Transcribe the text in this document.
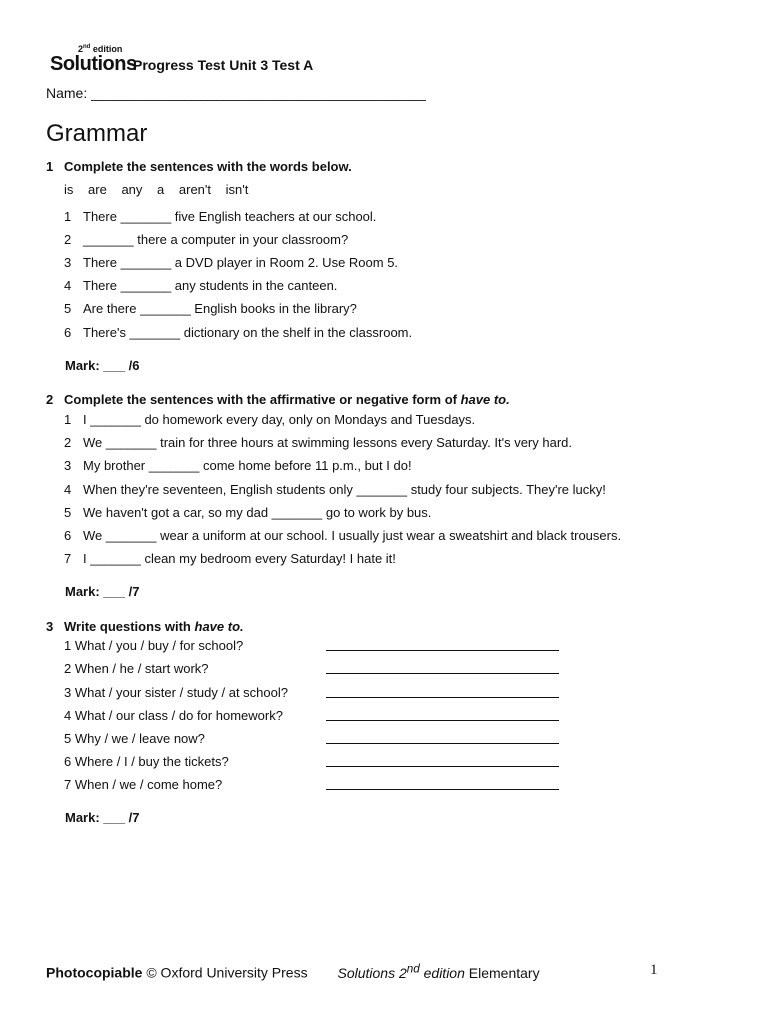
2nd edition
Solutions
Progress Test Unit 3 Test A
Name: ___________________________________________
Grammar
1 Complete the sentences with the words below.
is are any a aren't isn't
1 There _______ five English teachers at our school.
2 _______ there a computer in your classroom?
3 There _______ a DVD player in Room 2. Use Room 5.
4 There _______ any students in the canteen.
5 Are there _______ English books in the library?
6 There's _______ dictionary on the shelf in the classroom.
Mark: ___ /6
2 Complete the sentences with the affirmative or negative form of have to.
1 I _______ do homework every day, only on Mondays and Tuesdays.
2 We _______ train for three hours at swimming lessons every Saturday. It's very hard.
3 My brother _______ come home before 11 p.m., but I do!
4 When they're seventeen, English students only _______ study four subjects. They're lucky!
5 We haven't got a car, so my dad _______ go to work by bus.
6 We _______ wear a uniform at our school. I usually just wear a sweatshirt and black trousers.
7 I _______ clean my bedroom every Saturday! I hate it!
Mark: ___ /7
3 Write questions with have to.
1 What / you / buy / for school?
2 When / he / start work?
3 What / your sister / study / at school?
4 What / our class / do for homework?
5 Why / we / leave now?
6 Where / I / buy the tickets?
7 When / we / come home?
Mark: ___ /7
Photocopiable © Oxford University Press Solutions 2nd edition Elementary	1
